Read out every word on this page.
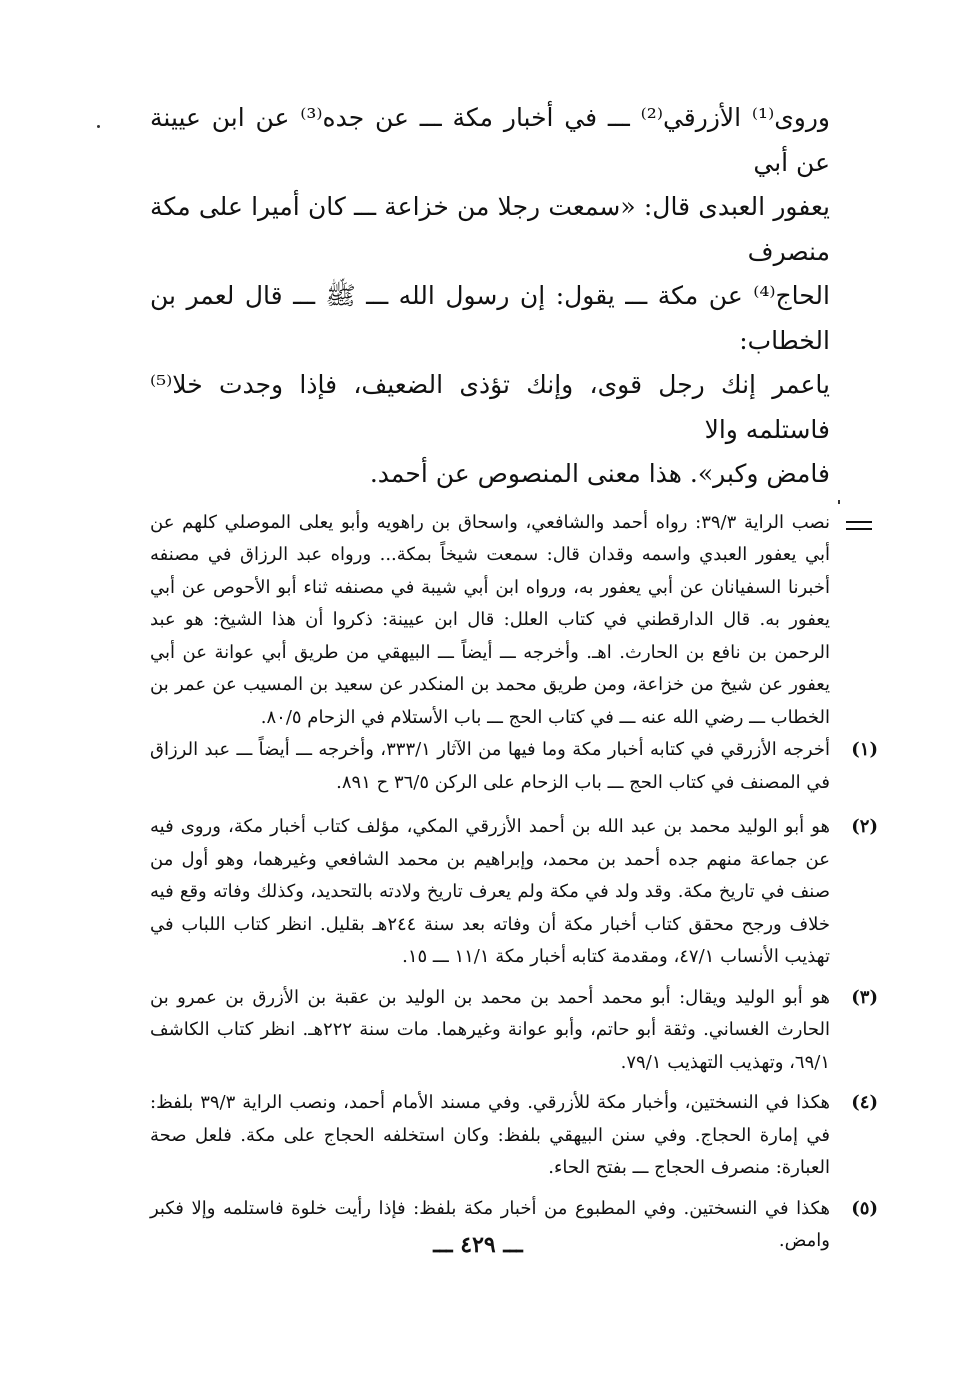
وروى⁽¹⁾ الأزرقي⁽²⁾ ـــ في أخبار مكة ـــ عن جده⁽³⁾ عن ابن عيينة عن أبي

يعفور العبدى قال: «سمعت رجلا من خزاعة ـــ كان أميرا على مكة منصرف

الحاج⁽⁴⁾ عن مكة ـــ يقول: إن رسول الله ـــ ﷺ ـــ قال لعمر بن الخطاب:

ياعمر إنك رجل قوى، وإنك تؤذى الضعيف، فإذا وجدت خلا⁽⁵⁾ فاستلمه والا

فامض وكبر». هذا معنى المنصوص عن أحمد.

نصب الراية ٣٩/٣: رواه أحمد والشافعي، واسحاق بن راهويه وأبو يعلى الموصلي كلهم عن أبي يعفور العبدي واسمه وقدان قال: سمعت شيخاً بمكة... ورواه عبد الرزاق في مصنفه أخبرنا السفيانان عن أبي يعفور به، ورواه ابن أبي شيبة في مصنفه ثناء أبو الأحوص عن أبي يعفور به. قال الدارقطني في كتاب العلل: قال ابن عيينة: ذكروا أن هذا الشيخ: هو عبد الرحمن بن نافع بن الحارث. اهـ. وأخرجه ـــ أيضاً ـــ البيهقي من طريق أبي عوانة عن أبي يعفور عن شيخ من خزاعة، ومن طريق محمد بن المنكدر عن سعيد بن المسيب عن عمر بن الخطاب ـــ رضي الله عنه ـــ في كتاب الحج ـــ باب الأستلام في الزحام ٨٠/٥.

(١)

أخرجه الأزرقي في كتابه أخبار مكة وما فيها من الآثار ٣٣٣/١، وأخرجه ـــ أيضاً ـــ عبد الرزاق في المصنف في كتاب الحج ـــ باب الزحام على الركن ٣٦/٥ ح ٨٩١.

(٢)

هو أبو الوليد محمد بن عبد الله بن أحمد الأزرقي المكي، مؤلف كتاب أخبار مكة، وروى فيه عن جماعة منهم جده أحمد بن محمد، وإبراهيم بن محمد الشافعي وغيرهما، وهو أول من صنف في تاريخ مكة. وقد ولد في مكة ولم يعرف تاريخ ولادته بالتحديد، وكذلك وفاته وقع فيه خلاف ورجح محقق كتاب أخبار مكة أن وفاته بعد سنة ٢٤٤هـ بقليل. انظر كتاب اللباب في تهذيب الأنساب ٤٧/١، ومقدمة كتابه أخبار مكة ١١/١ ـــ ١٥.

(٣)

هو أبو الوليد ويقال: أبو محمد أحمد بن محمد بن الوليد بن عقبة بن الأزرق بن عمرو بن الحارث الغساني. وثقة أبو حاتم، وأبو عوانة وغيرهما. مات سنة ٢٢٢هـ. انظر كتاب الكاشف ٦٩/١، وتهذيب التهذيب ٧٩/١.

(٤)

هكذا في النسختين، وأخبار مكة للأزرقي. وفي مسند الأمام أحمد، ونصب الراية ٣٩/٣ بلفظ: في إمارة الحجاج. وفي سنن البيهقي بلفظ: وكان استخلفه الحجاج على مكة. فلعل صحة العبارة: منصرف الحجاج ـــ بفتح الحاء.

(٥)

هكذا في النسختين. وفي المطبوع من أخبار مكة بلفظ: فإذا رأيت خلوة فاستلمه وإلا فكبر وامض.

ـــ ٤٢٩ ـــ
